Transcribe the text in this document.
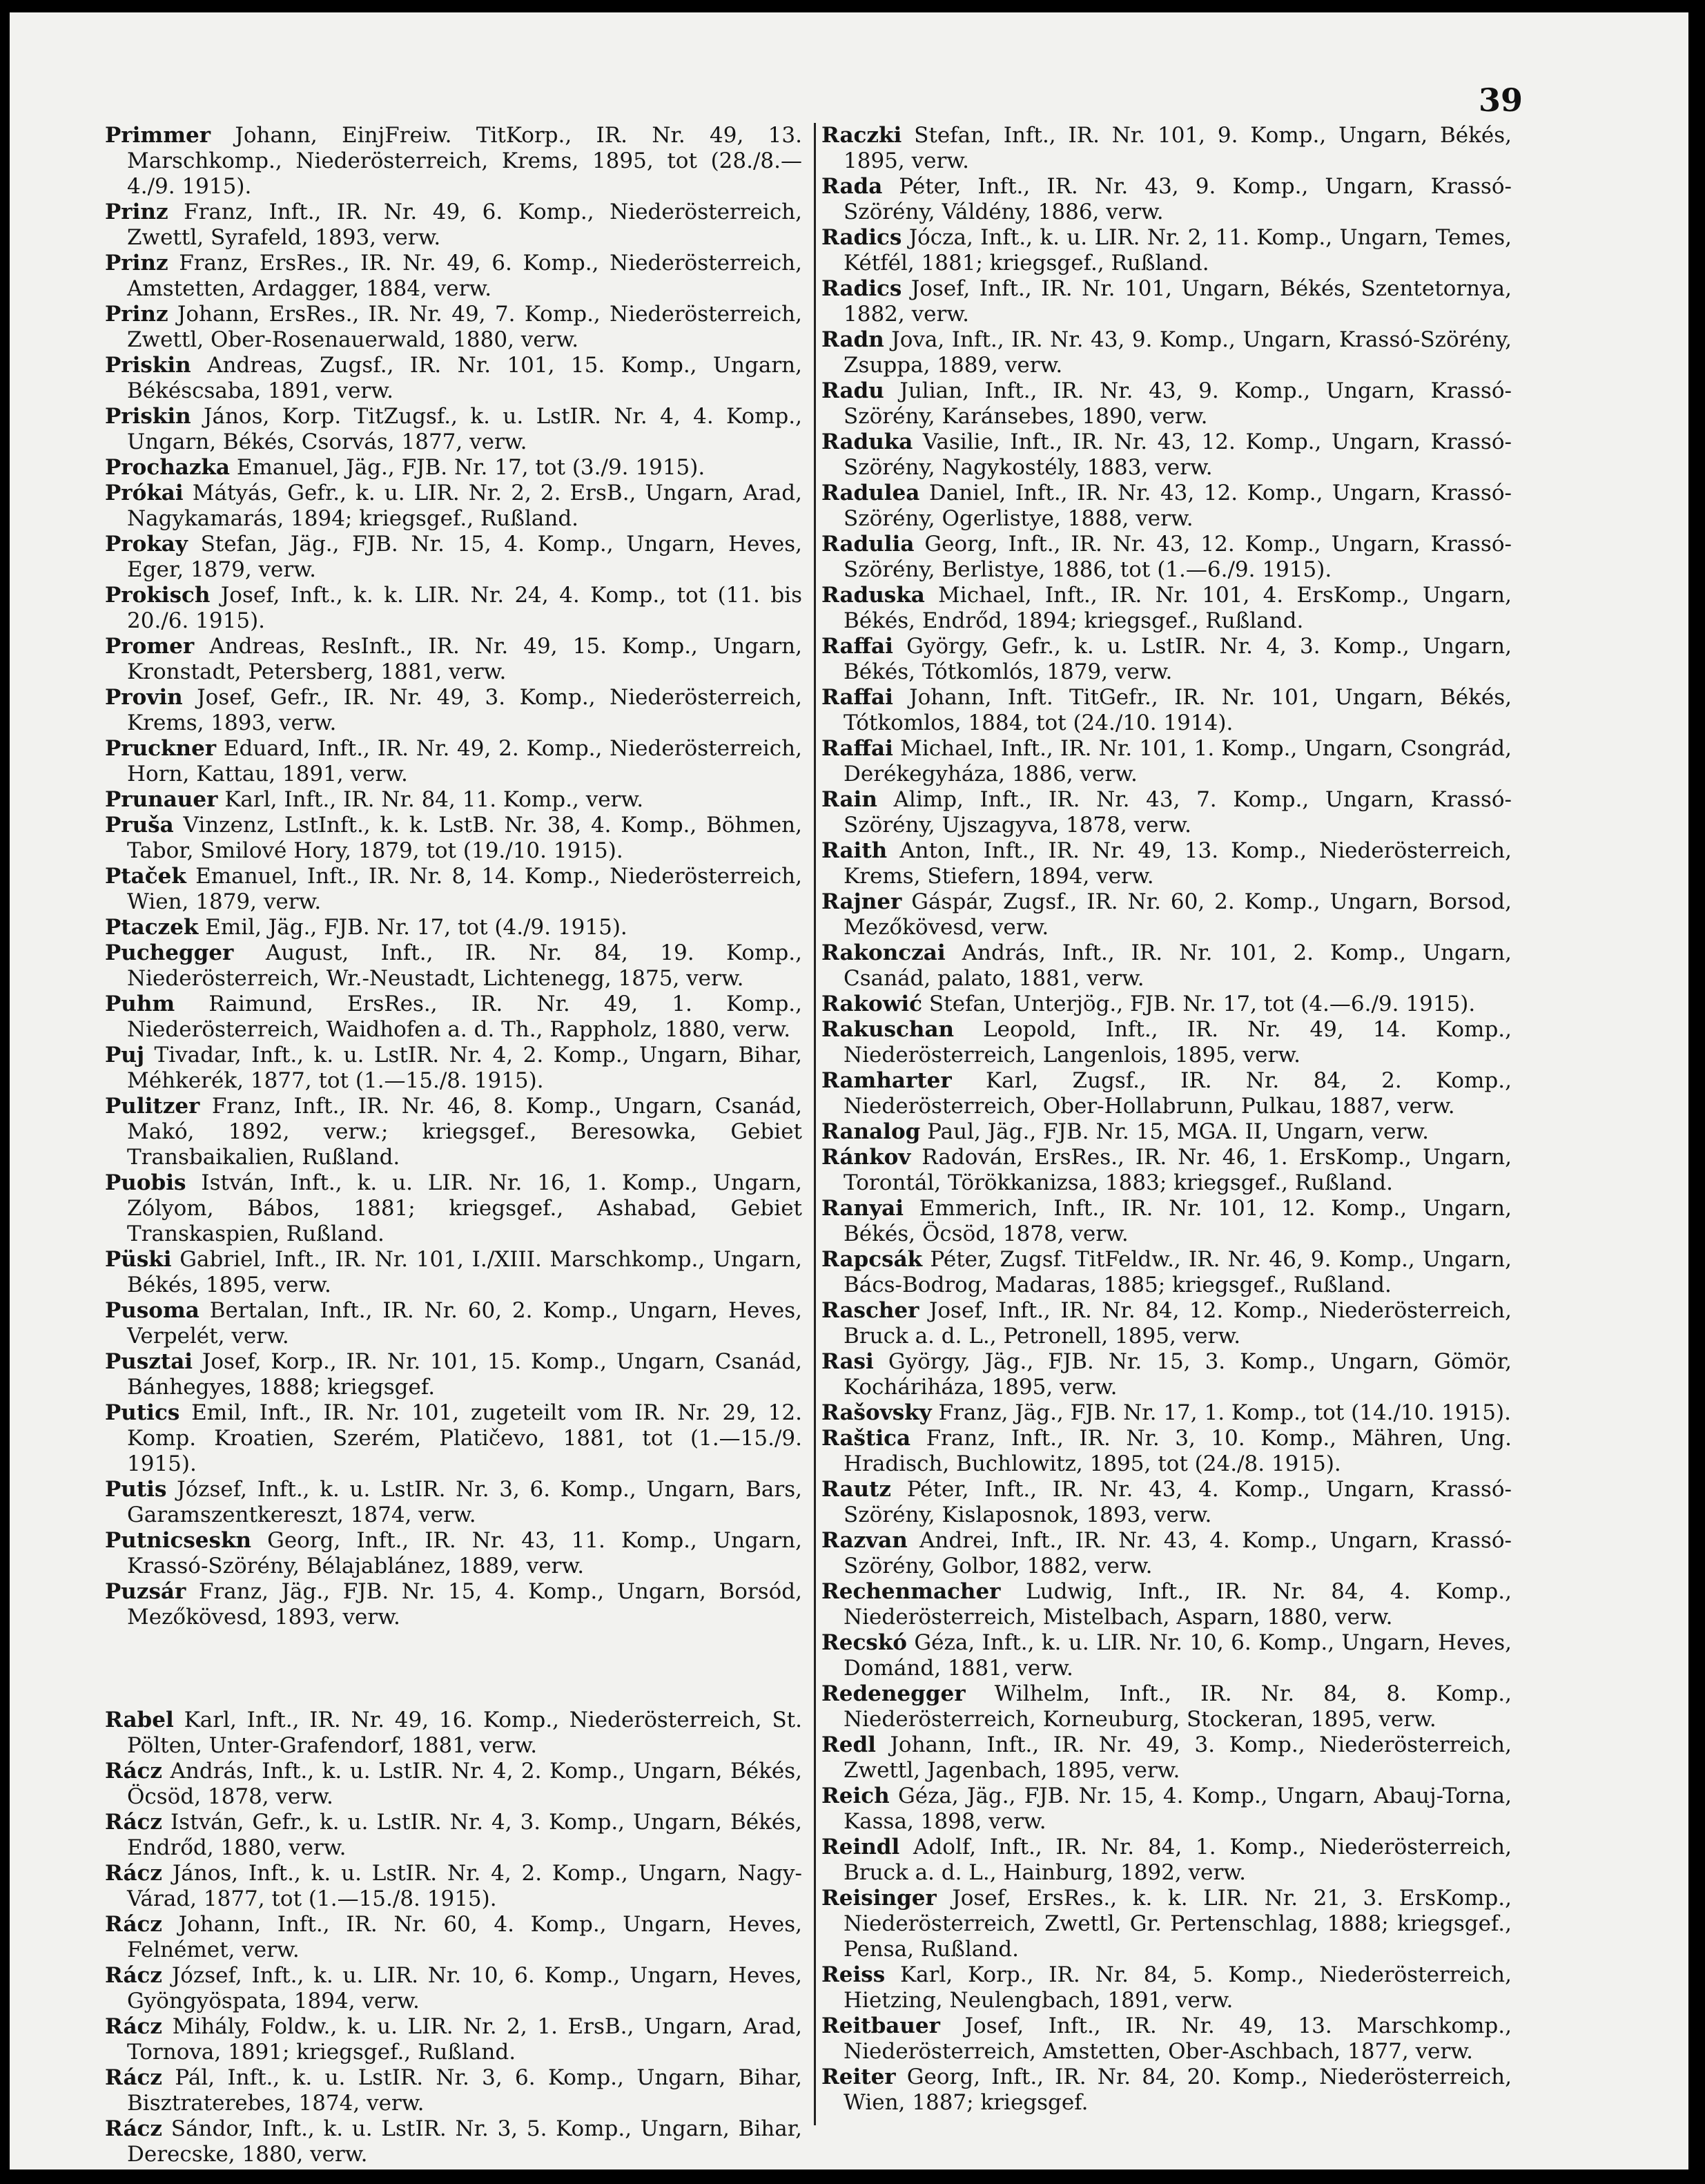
39

Primmer Johann, EinjFreiw. TitKorp., IR. Nr. 49, 13. Marschkomp., Niederösterreich, Krems, 1895, tot (28./8.—4./9. 1915).

Prinz Franz, Inft., IR. Nr. 49, 6. Komp., Niederösterreich, Zwettl, Syrafeld, 1893, verw.

Prinz Franz, ErsRes., IR. Nr. 49, 6. Komp., Niederösterreich, Amstetten, Ardagger, 1884, verw.

Prinz Johann, ErsRes., IR. Nr. 49, 7. Komp., Niederösterreich, Zwettl, Ober-Rosenauerwald, 1880, verw.

Priskin Andreas, Zugsf., IR. Nr. 101, 15. Komp., Ungarn, Békéscsaba, 1891, verw.

Priskin János, Korp. TitZugsf., k. u. LstIR. Nr. 4, 4. Komp., Ungarn, Békés, Csorvás, 1877, verw.

Prochazka Emanuel, Jäg., FJB. Nr. 17, tot (3./9. 1915).

Prókai Mátyás, Gefr., k. u. LIR. Nr. 2, 2. ErsB., Ungarn, Arad, Nagykamarás, 1894; kriegsgef., Rußland.

Prokay Stefan, Jäg., FJB. Nr. 15, 4. Komp., Ungarn, Heves, Eger, 1879, verw.

Prokisch Josef, Inft., k. k. LIR. Nr. 24, 4. Komp., tot (11. bis 20./6. 1915).

Promer Andreas, ResInft., IR. Nr. 49, 15. Komp., Ungarn, Kronstadt, Petersberg, 1881, verw.

Provin Josef, Gefr., IR. Nr. 49, 3. Komp., Niederösterreich, Krems, 1893, verw.

Pruckner Eduard, Inft., IR. Nr. 49, 2. Komp., Niederösterreich, Horn, Kattau, 1891, verw.

Prunauer Karl, Inft., IR. Nr. 84, 11. Komp., verw.

Pruša Vinzenz, LstInft., k. k. LstB. Nr. 38, 4. Komp., Böhmen, Tabor, Smilové Hory, 1879, tot (19./10. 1915).

Ptaček Emanuel, Inft., IR. Nr. 8, 14. Komp., Niederösterreich, Wien, 1879, verw.

Ptaczek Emil, Jäg., FJB. Nr. 17, tot (4./9. 1915).

Puchegger August, Inft., IR. Nr. 84, 19. Komp., Niederösterreich, Wr.-Neustadt, Lichtenegg, 1875, verw.

Puhm Raimund, ErsRes., IR. Nr. 49, 1. Komp., Niederösterreich, Waidhofen a. d. Th., Rappholz, 1880, verw.

Puj Tivadar, Inft., k. u. LstIR. Nr. 4, 2. Komp., Ungarn, Bihar, Méhkerék, 1877, tot (1.—15./8. 1915).

Pulitzer Franz, Inft., IR. Nr. 46, 8. Komp., Ungarn, Csanád, Makó, 1892, verw.; kriegsgef., Beresowka, Gebiet Transbaikalien, Rußland.

Puobis István, Inft., k. u. LIR. Nr. 16, 1. Komp., Ungarn, Zólyom, Bábos, 1881; kriegsgef., Ashabad, Gebiet Transkaspien, Rußland.

Püski Gabriel, Inft., IR. Nr. 101, I./XIII. Marschkomp., Ungarn, Békés, 1895, verw.

Pusoma Bertalan, Inft., IR. Nr. 60, 2. Komp., Ungarn, Heves, Verpelét, verw.

Pusztai Josef, Korp., IR. Nr. 101, 15. Komp., Ungarn, Csanád, Bánhegyes, 1888; kriegsgef.

Putics Emil, Inft., IR. Nr. 101, zugeteilt vom IR. Nr. 29, 12. Komp. Kroatien, Szerém, Platičevo, 1881, tot (1.—15./9. 1915).

Putis József, Inft., k. u. LstIR. Nr. 3, 6. Komp., Ungarn, Bars, Garamszentkereszt, 1874, verw.

Putnicseskn Georg, Inft., IR. Nr. 43, 11. Komp., Ungarn, Krassó-Szörény, Bélajablánez, 1889, verw.

Puzsár Franz, Jäg., FJB. Nr. 15, 4. Komp., Ungarn, Borsód, Mezőkövesd, 1893, verw.

Rabel Karl, Inft., IR. Nr. 49, 16. Komp., Niederösterreich, St. Pölten, Unter-Grafendorf, 1881, verw.

Rácz András, Inft., k. u. LstIR. Nr. 4, 2. Komp., Ungarn, Békés, Öcsöd, 1878, verw.

Rácz István, Gefr., k. u. LstIR. Nr. 4, 3. Komp., Ungarn, Békés, Endrőd, 1880, verw.

Rácz János, Inft., k. u. LstIR. Nr. 4, 2. Komp., Ungarn, Nagy-Várad, 1877, tot (1.—15./8. 1915).

Rácz Johann, Inft., IR. Nr. 60, 4. Komp., Ungarn, Heves, Felnémet, verw.

Rácz József, Inft., k. u. LIR. Nr. 10, 6. Komp., Ungarn, Heves, Gyöngyöspata, 1894, verw.

Rácz Mihály, Foldw., k. u. LIR. Nr. 2, 1. ErsB., Ungarn, Arad, Tornova, 1891; kriegsgef., Rußland.

Rácz Pál, Inft., k. u. LstIR. Nr. 3, 6. Komp., Ungarn, Bihar, Bisztraterebes, 1874, verw.

Rácz Sándor, Inft., k. u. LstIR. Nr. 3, 5. Komp., Ungarn, Bihar, Derecske, 1880, verw.

Raczki Stefan, Inft., IR. Nr. 101, 9. Komp., Ungarn, Békés, 1895, verw.

Rada Péter, Inft., IR. Nr. 43, 9. Komp., Ungarn, Krassó-Szörény, Váldény, 1886, verw.

Radics Jócza, Inft., k. u. LIR. Nr. 2, 11. Komp., Ungarn, Temes, Kétfél, 1881; kriegsgef., Rußland.

Radics Josef, Inft., IR. Nr. 101, Ungarn, Békés, Szentetornya, 1882, verw.

Radn Jova, Inft., IR. Nr. 43, 9. Komp., Ungarn, Krassó-Szörény, Zsuppa, 1889, verw.

Radu Julian, Inft., IR. Nr. 43, 9. Komp., Ungarn, Krassó-Szörény, Karánsebes, 1890, verw.

Raduka Vasilie, Inft., IR. Nr. 43, 12. Komp., Ungarn, Krassó-Szörény, Nagykostély, 1883, verw.

Radulea Daniel, Inft., IR. Nr. 43, 12. Komp., Ungarn, Krassó-Szörény, Ogerlistye, 1888, verw.

Radulia Georg, Inft., IR. Nr. 43, 12. Komp., Ungarn, Krassó-Szörény, Berlistye, 1886, tot (1.—6./9. 1915).

Raduska Michael, Inft., IR. Nr. 101, 4. ErsKomp., Ungarn, Békés, Endrőd, 1894; kriegsgef., Rußland.

Raffai György, Gefr., k. u. LstIR. Nr. 4, 3. Komp., Ungarn, Békés, Tótkomlós, 1879, verw.

Raffai Johann, Inft. TitGefr., IR. Nr. 101, Ungarn, Békés, Tótkomlos, 1884, tot (24./10. 1914).

Raffai Michael, Inft., IR. Nr. 101, 1. Komp., Ungarn, Csongrád, Derékegyháza, 1886, verw.

Rain Alimp, Inft., IR. Nr. 43, 7. Komp., Ungarn, Krassó-Szörény, Ujszagyva, 1878, verw.

Raith Anton, Inft., IR. Nr. 49, 13. Komp., Niederösterreich, Krems, Stiefern, 1894, verw.

Rajner Gáspár, Zugsf., IR. Nr. 60, 2. Komp., Ungarn, Borsod, Mezőkövesd, verw.

Rakonczai András, Inft., IR. Nr. 101, 2. Komp., Ungarn, Csanád, palato, 1881, verw.

Rakowić Stefan, Unterjög., FJB. Nr. 17, tot (4.—6./9. 1915).

Rakuschan Leopold, Inft., IR. Nr. 49, 14. Komp., Niederösterreich, Langenlois, 1895, verw.

Ramharter Karl, Zugsf., IR. Nr. 84, 2. Komp., Niederösterreich, Ober-Hollabrunn, Pulkau, 1887, verw.

Ranalog Paul, Jäg., FJB. Nr. 15, MGA. II, Ungarn, verw.

Ránkov Radován, ErsRes., IR. Nr. 46, 1. ErsKomp., Ungarn, Torontál, Törökkanizsa, 1883; kriegsgef., Rußland.

Ranyai Emmerich, Inft., IR. Nr. 101, 12. Komp., Ungarn, Békés, Öcsöd, 1878, verw.

Rapcsák Péter, Zugsf. TitFeldw., IR. Nr. 46, 9. Komp., Ungarn, Bács-Bodrog, Madaras, 1885; kriegsgef., Rußland.

Rascher Josef, Inft., IR. Nr. 84, 12. Komp., Niederösterreich, Bruck a. d. L., Petronell, 1895, verw.

Rasi György, Jäg., FJB. Nr. 15, 3. Komp., Ungarn, Gömör, Kocháriháza, 1895, verw.

Rašovsky Franz, Jäg., FJB. Nr. 17, 1. Komp., tot (14./10. 1915).

Raštica Franz, Inft., IR. Nr. 3, 10. Komp., Mähren, Ung. Hradisch, Buchlowitz, 1895, tot (24./8. 1915).

Rautz Péter, Inft., IR. Nr. 43, 4. Komp., Ungarn, Krassó-Szörény, Kislaposnok, 1893, verw.

Razvan Andrei, Inft., IR. Nr. 43, 4. Komp., Ungarn, Krassó-Szörény, Golbor, 1882, verw.

Rechenmacher Ludwig, Inft., IR. Nr. 84, 4. Komp., Niederösterreich, Mistelbach, Asparn, 1880, verw.

Recskó Géza, Inft., k. u. LIR. Nr. 10, 6. Komp., Ungarn, Heves, Dománd, 1881, verw.

Redenegger Wilhelm, Inft., IR. Nr. 84, 8. Komp., Niederösterreich, Korneuburg, Stockeran, 1895, verw.

Redl Johann, Inft., IR. Nr. 49, 3. Komp., Niederösterreich, Zwettl, Jagenbach, 1895, verw.

Reich Géza, Jäg., FJB. Nr. 15, 4. Komp., Ungarn, Abauj-Torna, Kassa, 1898, verw.

Reindl Adolf, Inft., IR. Nr. 84, 1. Komp., Niederösterreich, Bruck a. d. L., Hainburg, 1892, verw.

Reisinger Josef, ErsRes., k. k. LIR. Nr. 21, 3. ErsKomp., Niederösterreich, Zwettl, Gr. Pertenschlag, 1888; kriegsgef., Pensa, Rußland.

Reiss Karl, Korp., IR. Nr. 84, 5. Komp., Niederösterreich, Hietzing, Neulengbach, 1891, verw.

Reitbauer Josef, Inft., IR. Nr. 49, 13. Marschkomp., Niederösterreich, Amstetten, Ober-Aschbach, 1877, verw.

Reiter Georg, Inft., IR. Nr. 84, 20. Komp., Niederösterreich, Wien, 1887; kriegsgef.
